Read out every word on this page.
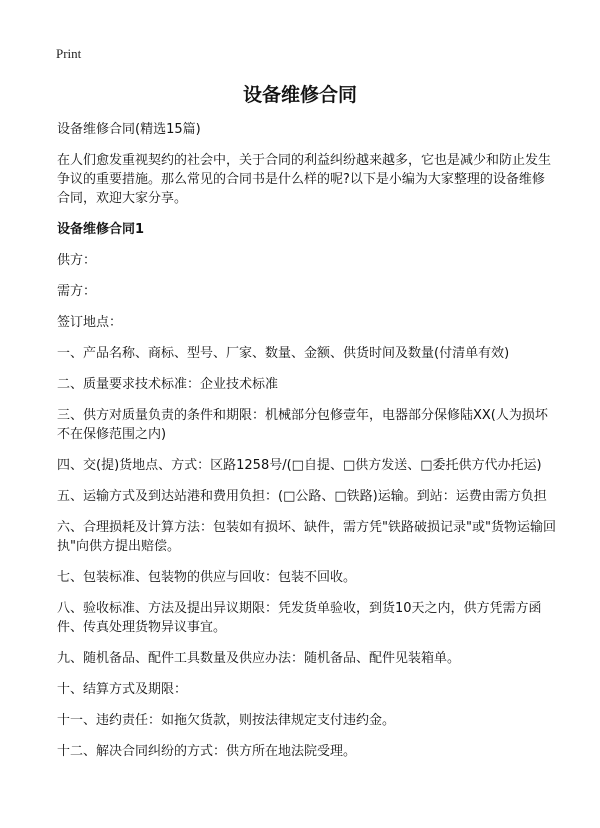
Print
设备维修合同

设备维修合同(精选15篇)

在人们愈发重视契约的社会中，关于合同的利益纠纷越来越多，它也是减少和防止发生争议的重要措施。那么常见的合同书是什么样的呢?以下是小编为大家整理的设备维修合同，欢迎大家分享。

设备维修合同1

供方：

需方：

签订地点：

一、产品名称、商标、型号、厂家、数量、金额、供货时间及数量(付清单有效)

二、质量要求技术标准：企业技术标准

三、供方对质量负责的条件和期限：机械部分包修壹年，电器部分保修陆XX(人为损坏不在保修范围之内)

四、交(提)货地点、方式：区路1258号/(□自提、□供方发送、□委托供方代办托运)

五、运输方式及到达站港和费用负担：(□公路、□铁路)运输。到站：运费由需方负担

六、合理损耗及计算方法：包装如有损坏、缺件，需方凭"铁路破损记录"或"货物运输回执"向供方提出赔偿。

七、包装标准、包装物的供应与回收：包装不回收。

八、验收标准、方法及提出异议期限：凭发货单验收，到货10天之内，供方凭需方函件、传真处理货物异议事宜。

九、随机备品、配件工具数量及供应办法：随机备品、配件见装箱单。

十、结算方式及期限：

十一、违约责任：如拖欠货款，则按法律规定支付违约金。

十二、解决合同纠纷的方式：供方所在地法院受理。
